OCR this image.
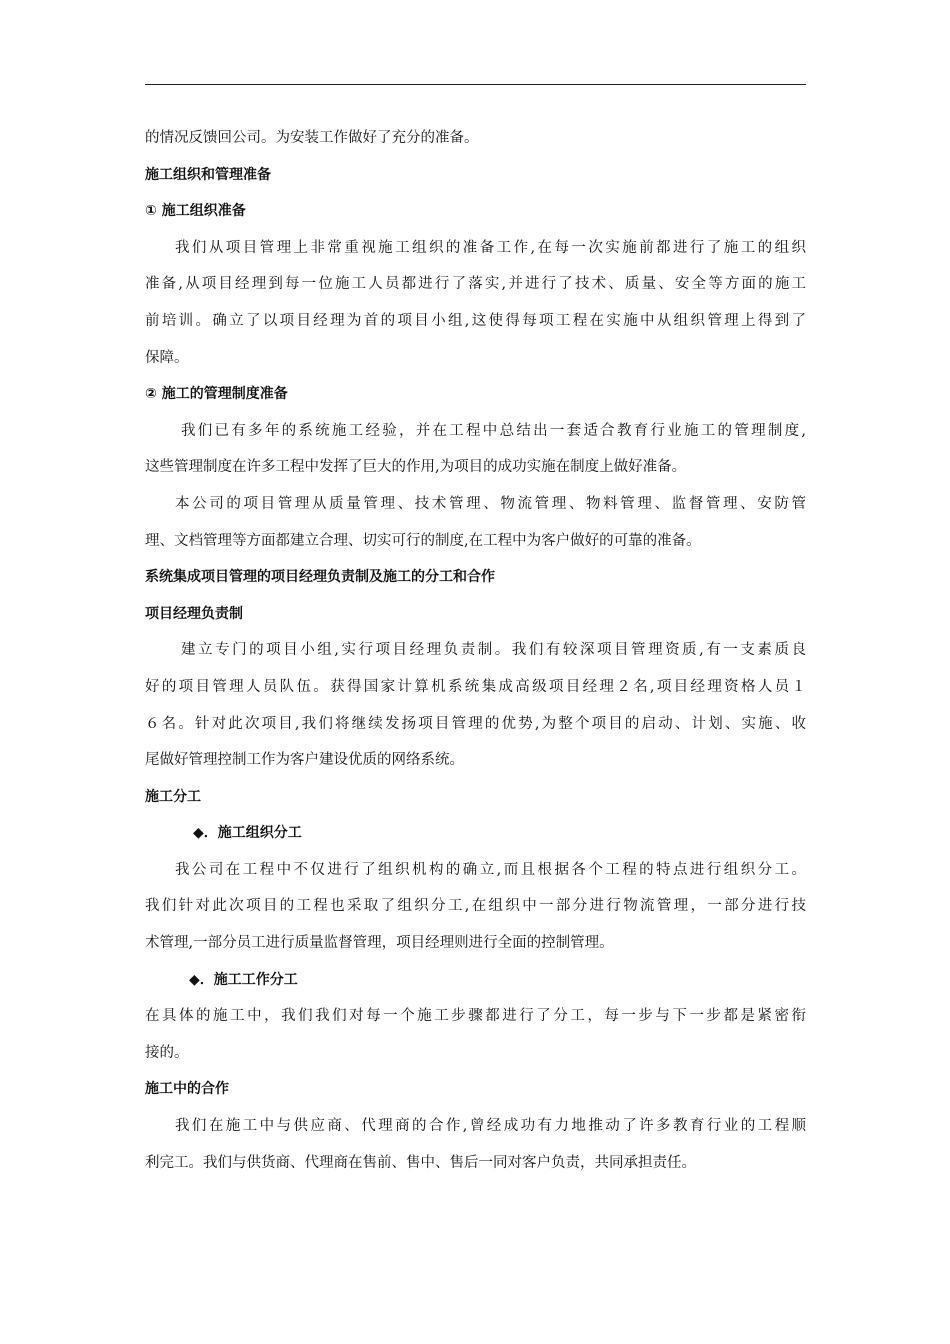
的情况反馈回公司。为安装工作做好了充分的准备。
施工组织和管理准备
① 施工组织准备
我们从项目管理上非常重视施工组织的准备工作,在每一次实施前都进行了施工的组织
准备,从项目经理到每一位施工人员都进行了落实,并进行了技术、质量、安全等方面的施工
前培训。确立了以项目经理为首的项目小组,这使得每项工程在实施中从组织管理上得到了
保障。
② 施工的管理制度准备
我们已有多年的系统施工经验，并在工程中总结出一套适合教育行业施工的管理制度,
这些管理制度在许多工程中发挥了巨大的作用,为项目的成功实施在制度上做好准备。
本公司的项目管理从质量管理、技术管理、物流管理、物料管理、监督管理、安防管
理、文档管理等方面都建立合理、切实可行的制度,在工程中为客户做好的可靠的准备。
系统集成项目管理的项目经理负责制及施工的分工和合作
项目经理负责制
建立专门的项目小组,实行项目经理负责制。我们有较深项目管理资质,有一支素质良
好的项目管理人员队伍。获得国家计算机系统集成高级项目经理２名,项目经理资格人员１
６名。针对此次项目,我们将继续发扬项目管理的优势,为整个项目的启动、计划、实施、收
尾做好管理控制工作为客户建设优质的网络系统。
施工分工
◆．施工组织分工
我公司在工程中不仅进行了组织机构的确立,而且根据各个工程的特点进行组织分工。
我们针对此次项目的工程也采取了组织分工,在组织中一部分进行物流管理，一部分进行技
术管理,一部分员工进行质量监督管理，项目经理则进行全面的控制管理。
◆．施工工作分工
在具体的施工中，我们我们对每一个施工步骤都进行了分工，每一步与下一步都是紧密衔
接的。
施工中的合作
我们在施工中与供应商、代理商的合作,曾经成功有力地推动了许多教育行业的工程顺
利完工。我们与供货商、代理商在售前、售中、售后一同对客户负责，共同承担责任。
